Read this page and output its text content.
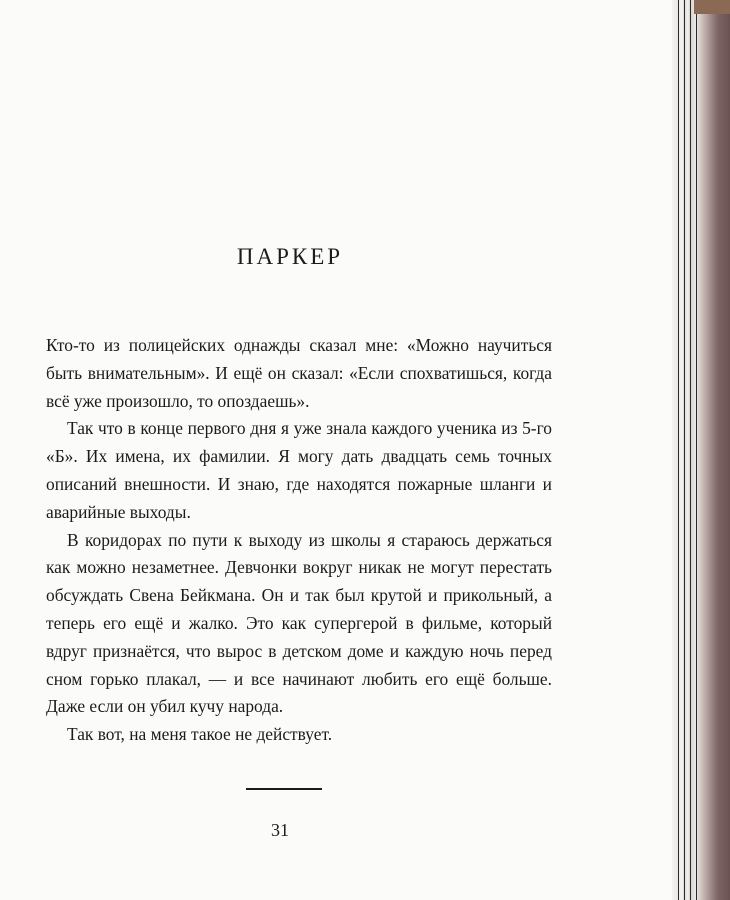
ПАРКЕР

Кто-то из полицейских однажды сказал мне: «Можно научиться быть внимательным». И ещё он сказал: «Если спохватишься, когда всё уже произошло, то опоздаешь».

Так что в конце первого дня я уже знала каждого ученика из 5-го «Б». Их имена, их фамилии. Я могу дать двадцать семь точных описаний внешности. И знаю, где находятся пожарные шланги и аварийные выходы.

В коридорах по пути к выходу из школы я стараюсь держаться как можно незаметнее. Девчонки вокруг никак не могут перестать обсуждать Свена Бейкмана. Он и так был крутой и прикольный, а теперь его ещё и жалко. Это как супергерой в фильме, который вдруг признаётся, что вырос в детском доме и каждую ночь перед сном горько плакал, — и все начинают любить его ещё больше. Даже если он убил кучу народа.

Так вот, на меня такое не действует.

31
